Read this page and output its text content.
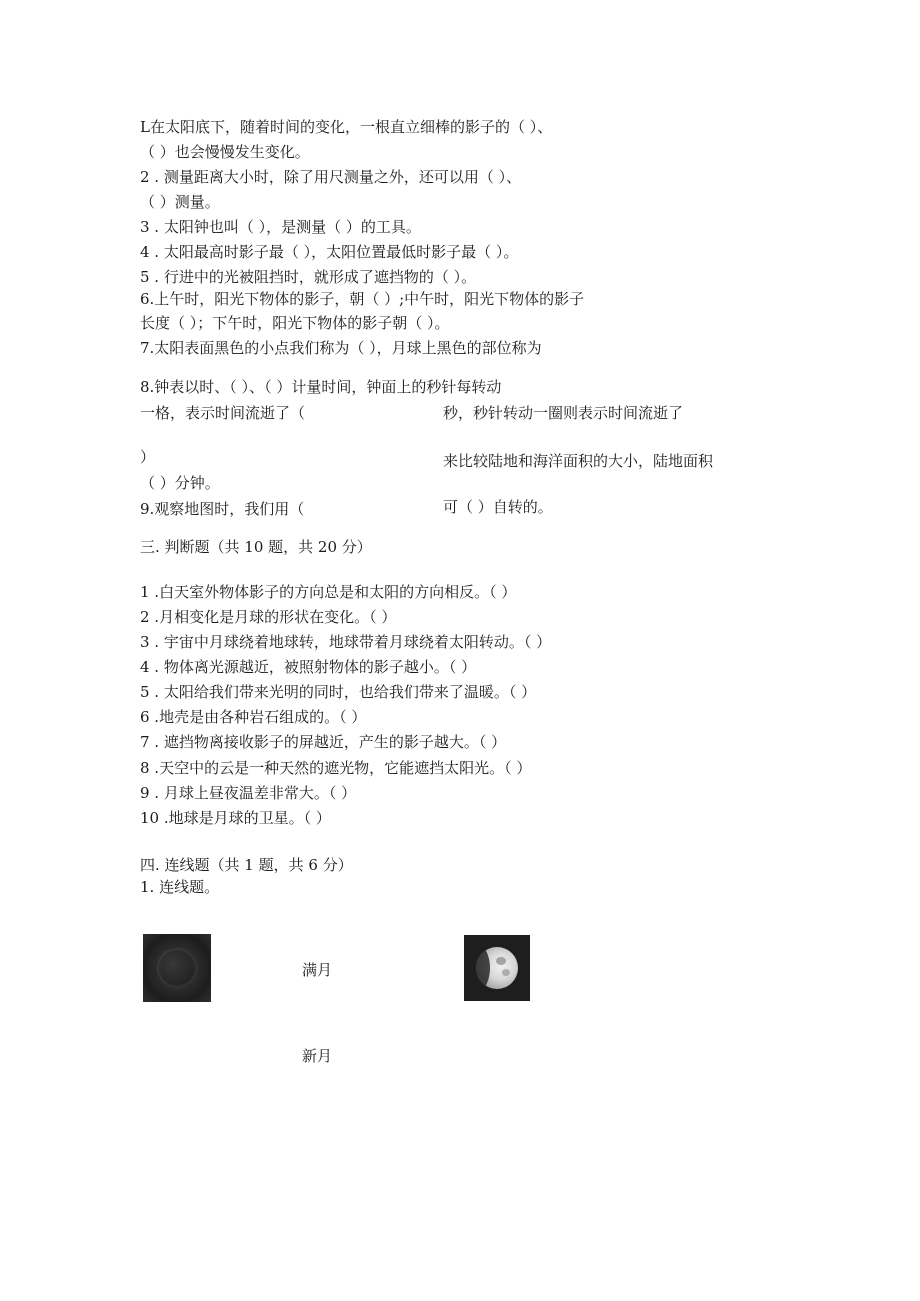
L在太阳底下，随着时间的变化，一根直立细棒的影子的（ ）、
（ ）也会慢慢发生变化。
2 . 测量距离大小时，除了用尺测量之外，还可以用（ ）、
（ ）测量。
3 . 太阳钟也叫（ ），是测量（ ）的工具。
4 . 太阳最高时影子最（ ），太阳位置最低时影子最（ ）。
5 . 行进中的光被阻挡时，就形成了遮挡物的（ ）。
6.上午时，阳光下物体的影子，朝（ ）;中午时，阳光下物体的影子
长度（ ）；下午时，阳光下物体的影子朝（ ）。
7.太阳表面黑色的小点我们称为（ ），月球上黑色的部位称为
8.钟表以时、（ ）、（ ）计量时间，钟面上的秒针每转动
一格，表示时间流逝了（	秒，秒针转动一圈则表示时间流逝了
）	来比较陆地和海洋面积的大小，陆地面积
（ ）分钟。
9.观察地图时，我们用（	可（ ）自转的。
三. 判断题（共 10 题，共 20 分）
1 .白天室外物体影子的方向总是和太阳的方向相反。（ ）
2 .月相变化是月球的形状在变化。（ ）
3 . 宇宙中月球绕着地球转，地球带着月球绕着太阳转动。（ ）
4 . 物体离光源越近，被照射物体的影子越小。（ ）
5 . 太阳给我们带来光明的同时，也给我们带来了温暖。（ ）
6 .地壳是由各种岩石组成的。（ ）
7 . 遮挡物离接收影子的屏越近，产生的影子越大。（ ）
8 .天空中的云是一种天然的遮光物，它能遮挡太阳光。（ ）
9 . 月球上昼夜温差非常大。（ ）
10 .地球是月球的卫星。（ ）
四. 连线题（共 1 题，共 6 分）
1. 连线题。
满月
新月
